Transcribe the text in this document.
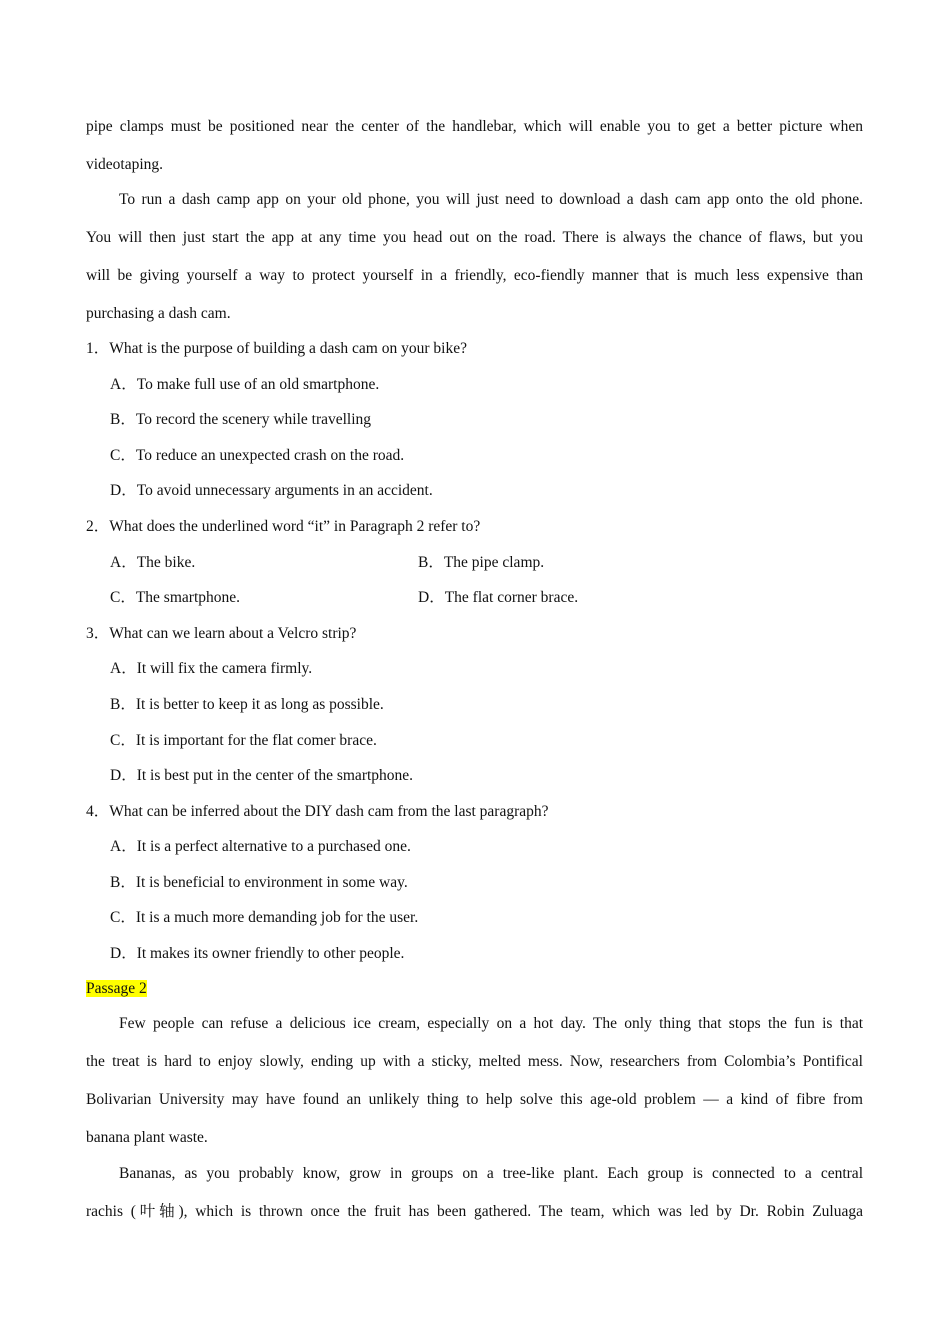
pipe clamps must be positioned near the center of the handlebar, which will enable you to get a better picture when
videotaping.
To run a dash camp app on your old phone, you will just need to download a dash cam app onto the old phone.
You will then just start the app at any time you head out on the road. There is always the chance of flaws, but you
will be giving yourself a way to protect yourself in a friendly, eco-fiendly manner that is much less expensive than
purchasing a dash cam.
1．What is the purpose of building a dash cam on your bike?
A．To make full use of an old smartphone.
B．To record the scenery while travelling
C．To reduce an unexpected crash on the road.
D．To avoid unnecessary arguments in an accident.
2．What does the underlined word “it” in Paragraph 2 refer to?
A．The bike.	B．The pipe clamp.
C．The smartphone.	D．The flat corner brace.
3．What can we learn about a Velcro strip?
A．It will fix the camera firmly.
B．It is better to keep it as long as possible.
C．It is important for the flat comer brace.
D．It is best put in the center of the smartphone.
4．What can be inferred about the DIY dash cam from the last paragraph?
A．It is a perfect alternative to a purchased one.
B．It is beneficial to environment in some way.
C．It is a much more demanding job for the user.
D．It makes its owner friendly to other people.
Passage 2
Few people can refuse a delicious ice cream, especially on a hot day. The only thing that stops the fun is that
the treat is hard to enjoy slowly, ending up with a sticky, melted mess. Now, researchers from Colombia’s Pontifical
Bolivarian University may have found an unlikely thing to help solve this age-old problem — a kind of fibre from
banana plant waste.
Bananas, as you probably know, grow in groups on a tree-like plant. Each group is connected to a central
rachis (叶轴), which is thrown once the fruit has been gathered. The team, which was led by Dr. Robin Zuluaga
